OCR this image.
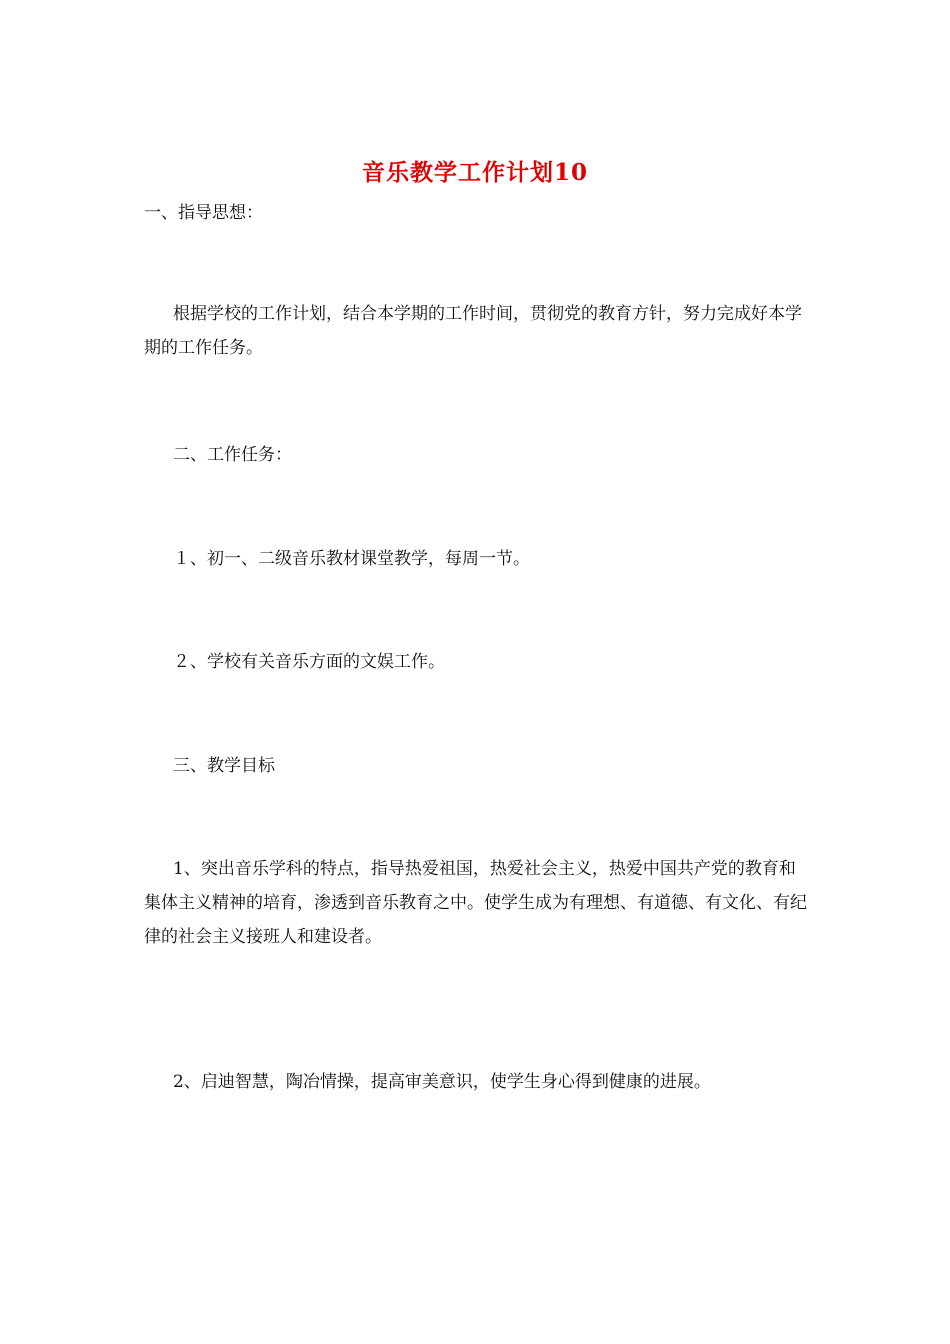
音乐教学工作计划10

一、指导思想：

根据学校的工作计划，结合本学期的工作时间，贯彻党的教育方针，努力完成好本学期的工作任务。

二、工作任务：

１、初一、二级音乐教材课堂教学，每周一节。

２、学校有关音乐方面的文娱工作。

三、教学目标

1、突出音乐学科的特点，指导热爱祖国，热爱社会主义，热爱中国共产党的教育和集体主义精神的培育，渗透到音乐教育之中。使学生成为有理想、有道德、有文化、有纪律的社会主义接班人和建设者。

2、启迪智慧，陶冶情操，提高审美意识，使学生身心得到健康的进展。
